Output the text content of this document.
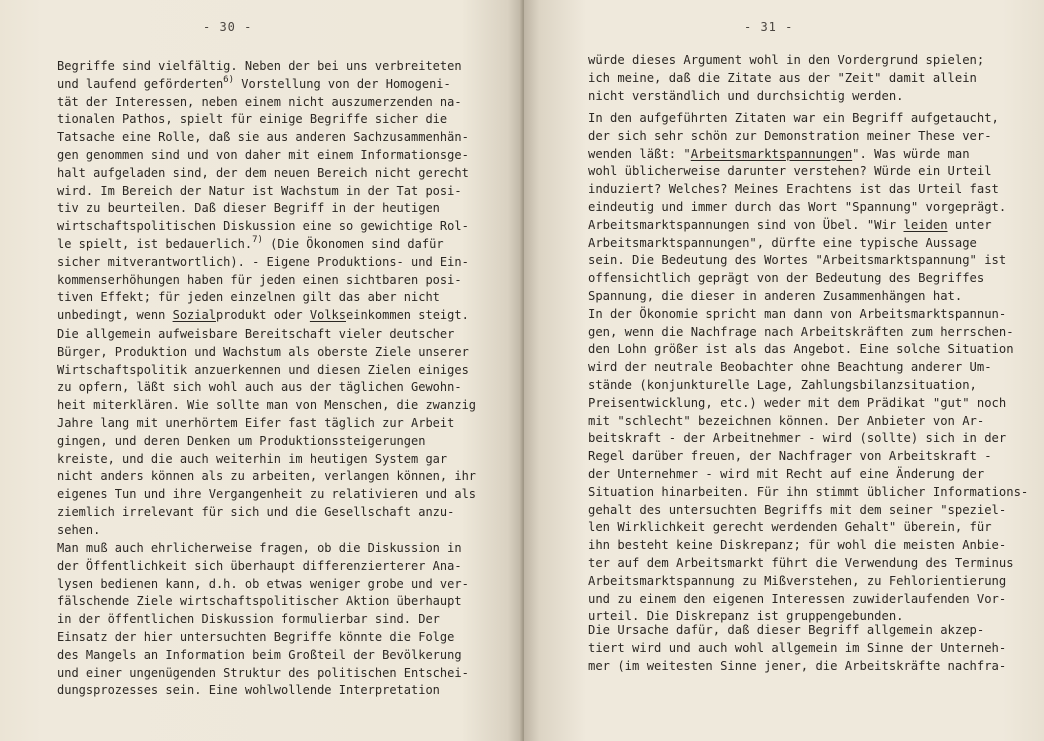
- 30 -
Begriffe sind vielfältig. Neben der bei uns verbreiteten
und laufend geförderten$^{6)}$ Vorstellung von der Homogeni-
tät der Interessen, neben einem nicht auszumerzenden na-
tionalen Pathos, spielt für einige Begriffe sicher die
Tatsache eine Rolle, daß sie aus anderen Sachzusammenhän-
gen genommen sind und von daher mit einem Informationsge-
halt aufgeladen sind, der dem neuen Bereich nicht gerecht
wird. Im Bereich der Natur ist Wachstum in der Tat posi-
tiv zu beurteilen. Daß dieser Begriff in der heutigen
wirtschaftspolitischen Diskussion eine so gewichtige Rol-
le spielt, ist bedauerlich.$^{7)}$ (Die Ökonomen sind dafür
sicher mitverantwortlich). - Eigene Produktions- und Ein-
kommenserhöhungen haben für jeden einen sichtbaren posi-
tiven Effekt; für jeden einzelnen gilt das aber nicht
unbedingt, wenn Sozialprodukt oder Volkseinkommen steigt.
Die allgemein aufweisbare Bereitschaft vieler deutscher
Bürger, Produktion und Wachstum als oberste Ziele unserer
Wirtschaftspolitik anzuerkennen und diesen Zielen einiges
zu opfern, läßt sich wohl auch aus der täglichen Gewohn-
heit miterklären. Wie sollte man von Menschen, die zwanzig
Jahre lang mit unerhörtem Eifer fast täglich zur Arbeit
gingen, und deren Denken um Produktionssteigerungen
kreiste, und die auch weiterhin im heutigen System gar
nicht anders können als zu arbeiten, verlangen können, ihr
eigenes Tun und ihre Vergangenheit zu relativieren und als
ziemlich irrelevant für sich und die Gesellschaft anzu-
sehen.
Man muß auch ehrlicherweise fragen, ob die Diskussion in
der Öffentlichkeit sich überhaupt differenzierterer Ana-
lysen bedienen kann, d.h. ob etwas weniger grobe und ver-
fälschende Ziele wirtschaftspolitischer Aktion überhaupt
in der öffentlichen Diskussion formulierbar sind. Der
Einsatz der hier untersuchten Begriffe könnte die Folge
des Mangels an Information beim Großteil der Bevölkerung
und einer ungenügenden Struktur des politischen Entschei-
dungsprozesses sein. Eine wohlwollende Interpretation
- 31 -
würde dieses Argument wohl in den Vordergrund spielen;
ich meine, daß die Zitate aus der "Zeit" damit allein
nicht verständlich und durchsichtig werden.
In den aufgeführten Zitaten war ein Begriff aufgetaucht,
der sich sehr schön zur Demonstration meiner These ver-
wenden läßt: "Arbeitsmarktspannungen". Was würde man
wohl üblicherweise darunter verstehen? Würde ein Urteil
induziert? Welches? Meines Erachtens ist das Urteil fast
eindeutig und immer durch das Wort "Spannung" vorgeprägt.
Arbeitsmarktspannungen sind von Übel. "Wir leiden unter
Arbeitsmarktspannungen", dürfte eine typische Aussage
sein. Die Bedeutung des Wortes "Arbeitsmarktspannung" ist
offensichtlich geprägt von der Bedeutung des Begriffes
Spannung, die dieser in anderen Zusammenhängen hat.
In der Ökonomie spricht man dann von Arbeitsmarktspannun-
gen, wenn die Nachfrage nach Arbeitskräften zum herrschen-
den Lohn größer ist als das Angebot. Eine solche Situation
wird der neutrale Beobachter ohne Beachtung anderer Um-
stände (konjunkturelle Lage, Zahlungsbilanzsituation,
Preisentwicklung, etc.) weder mit dem Prädikat "gut" noch
mit "schlecht" bezeichnen können. Der Anbieter von Ar-
beitskraft - der Arbeitnehmer - wird (sollte) sich in der
Regel darüber freuen, der Nachfrager von Arbeitskraft -
der Unternehmer - wird mit Recht auf eine Änderung der
Situation hinarbeiten. Für ihn stimmt üblicher Informations-
gehalt des untersuchten Begriffs mit dem seiner "speziel-
len Wirklichkeit gerecht werdenden Gehalt" überein, für
ihn besteht keine Diskrepanz; für wohl die meisten Anbie-
ter auf dem Arbeitsmarkt führt die Verwendung des Terminus
Arbeitsmarktspannung zu Mißverstehen, zu Fehlorientierung
und zu einem den eigenen Interessen zuwiderlaufenden Vor-
urteil. Die Diskrepanz ist gruppengebunden.
Die Ursache dafür, daß dieser Begriff allgemein akzep-
tiert wird und auch wohl allgemein im Sinne der Unterneh-
mer (im weitesten Sinne jener, die Arbeitskräfte nachfra-
